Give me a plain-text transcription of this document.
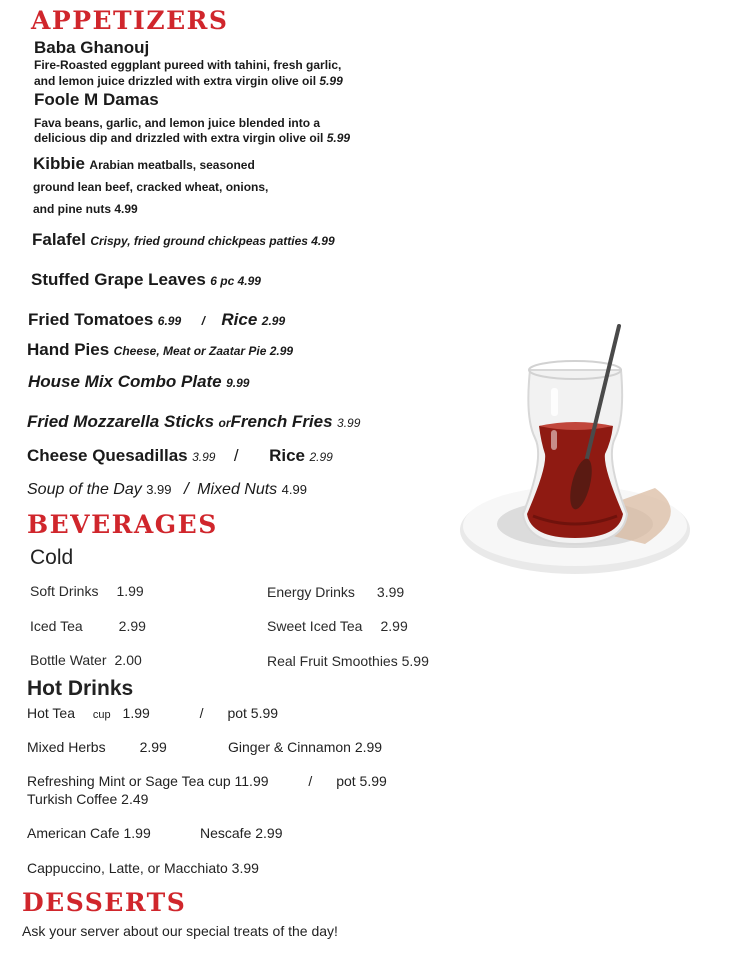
APPETIZERS
Baba Ghanouj
Fire-Roasted eggplant pureed with tahini, fresh garlic,
and lemon juice drizzled with extra virgin olive oil 5.99
Foole M Damas
Fava beans, garlic, and lemon juice blended into a
delicious dip and drizzled with extra virgin olive oil 5.99
Kibbie Arabian meatballs, seasoned
ground lean beef, cracked wheat, onions,
and pine nuts 4.99
Falafel Crispy, fried ground chickpeas patties 4.99
Stuffed Grape Leaves 6 pc 4.99
Fried Tomatoes 6.99 / Rice 2.99
Hand Pies Cheese, Meat or Zaatar Pie 2.99
House Mix Combo Plate 9.99
Fried Mozzarella Sticks orFrench Fries 3.99
Cheese Quesadillas 3.99 / Rice 2.99
Soup of the Day 3.99 / Mixed Nuts 4.99
BEVERAGES
Cold
Soft Drinks 1.99	Energy Drinks 3.99
Iced Tea	2.99	Sweet Iced Tea 2.99
Bottle Water 2.00	Real Fruit Smoothies 5.99
Hot Drinks
Hot Tea cup 1.99	/ pot 5.99
Mixed Herbs 2.99	Ginger & Cinnamon 2.99
Refreshing Mint or Sage Tea cup 11.99	/ pot 5.99
Turkish Coffee 2.49
American Cafe 1.99	Nescafe 2.99
Cappuccino, Latte, or Macchiato 3.99
DESSERTS
Ask your server about our special treats of the day!
